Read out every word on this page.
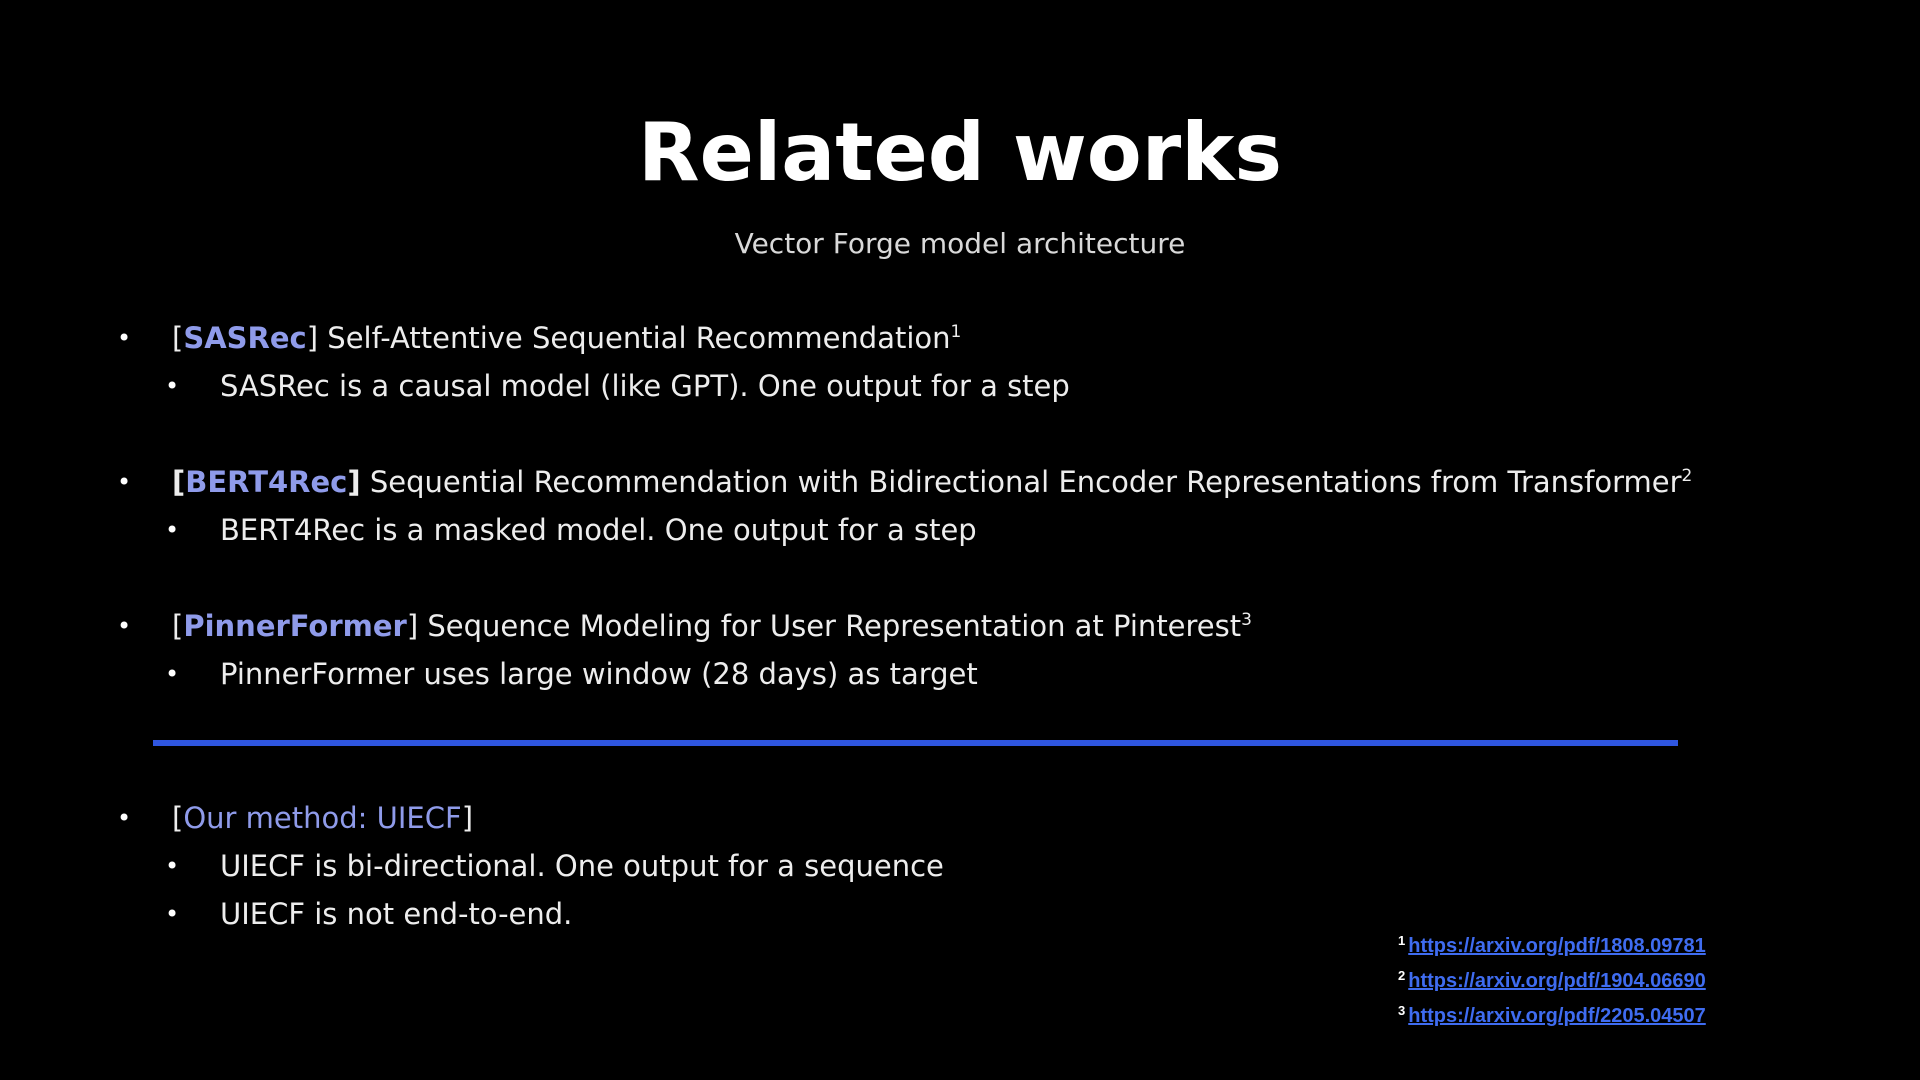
Related works
Vector Forge model architecture
• [SASRec] Self-Attentive Sequential Recommendation$^1$
• SASRec is a causal model (like GPT). One output for a step
• [BERT4Rec] Sequential Recommendation with Bidirectional Encoder Representations from Transformer$^2$
• BERT4Rec is a masked model. One output for a step
• [PinnerFormer] Sequence Modeling for User Representation at Pinterest$^3$
• PinnerFormer uses large window (28 days) as target
• [Our method: UIECF]
• UIECF is bi-directional. One output for a sequence
• UIECF is not end-to-end.
$^1$ https://arxiv.org/pdf/1808.09781
$^2$ https://arxiv.org/pdf/1904.06690
$^3$ https://arxiv.org/pdf/2205.04507
